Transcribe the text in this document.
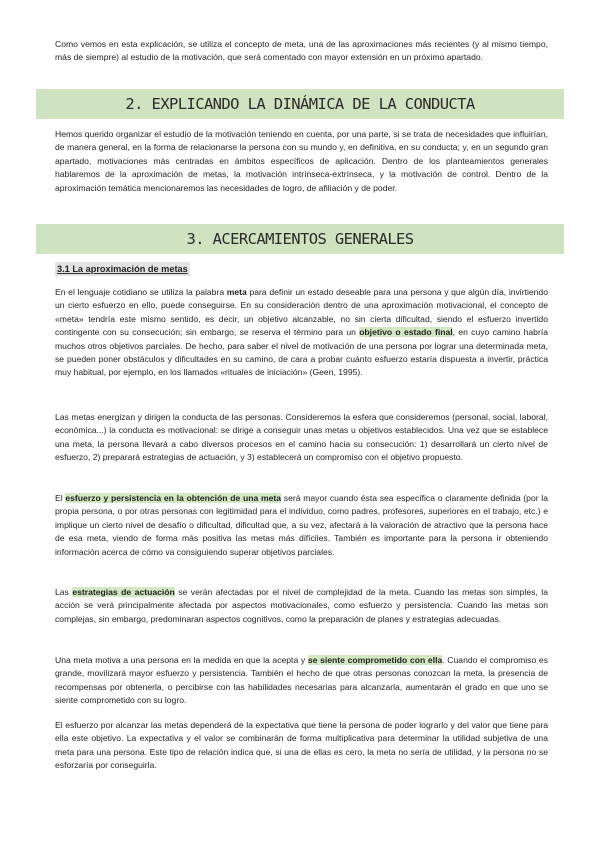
Como vemos en esta explicación, se utiliza el concepto de meta, una de las aproximaciones más recientes (y al mismo tiempo, más de siempre) al estudio de la motivación, que será comentado con mayor extensión en un próximo apartado.

2. EXPLICANDO LA DINÁMICA DE LA CONDUCTA

Hemos querido organizar el estudio de la motivación teniendo en cuenta, por una parte, si se trata de necesidades que influirían, de manera general, en la forma de relacionarse la persona con su mundo y, en definitiva, en su conducta; y, en un segundo gran apartado, motivaciones más centradas en ámbitos específicos de aplicación. Dentro de los planteamientos generales hablaremos de la aproximación de metas, la motivación intrínseca-extrínseca, y la motivación de control. Dentro de la aproximación temática mencionaremos las necesidades de logro, de afiliación y de poder.

3. ACERCAMIENTOS GENERALES

3.1 La aproximación de metas

En el lenguaje cotidiano se utiliza la palabra meta para definir un estado deseable para una persona y que algún día, invirtiendo un cierto esfuerzo en ello, puede conseguirse. En su consideración dentro de una aproximación motivacional, el concepto de «meta» tendría este mismo sentido, es decir, un objetivo alcanzable, no sin cierta dificultad, siendo el esfuerzo invertido contingente con su consecución; sin embargo, se reserva el término para un objetivo o estado final, en cuyo camino habría muchos otros objetivos parciales. De hecho, para saber el nivel de motivación de una persona por lograr una determinada meta, se pueden poner obstáculos y dificultades en su camino, de cara a probar cuánto esfuerzo estaría dispuesta a invertir, práctica muy habitual, por ejemplo, en los llamados «rituales de iniciación» (Geen, 1995).

Las metas energizan y dirigen la conducta de las personas. Consideremos la esfera que consideremos (personal, social, laboral, económica...) la conducta es motivacional: se dirige a conseguir unas metas u objetivos establecidos. Una vez que se establece una meta, la persona llevará a cabo diversos procesos en el camino hacia su consecución: 1) desarrollará un cierto nivel de esfuerzo, 2) preparará estrategias de actuación, y 3) establecerá un compromiso con el objetivo propuesto.

El esfuerzo y persistencia en la obtención de una meta será mayor cuando ésta sea específica o claramente definida (por la propia persona, o por otras personas con legitimidad para el individuo, como padres, profesores, superiores en el trabajo, etc.) e implique un cierto nivel de desafío o dificultad, dificultad que, a su vez, afectará a la valoración de atractivo que la persona hace de esa meta, viendo de forma más positiva las metas más difíciles. También es importante para la persona ir obteniendo información acerca de cómo va consiguiendo superar objetivos parciales.

Las estrategias de actuación se verán afectadas por el nivel de complejidad de la meta. Cuando las metas son simples, la acción se verá principalmente afectada por aspectos motivacionales, como esfuerzo y persistencia. Cuando las metas son complejas, sin embargo, predominaran aspectos cognitivos, como la preparación de planes y estrategias adecuadas.

Una meta motiva a una persona en la medida en que la acepta y se siente comprometido con ella. Cuando el compromiso es grande, movilizará mayor esfuerzo y persistencia. También el hecho de que otras personas conozcan la meta, la presencia de recompensas por obtenerla, o percibirse con las habilidades necesarias para alcanzarla, aumentarán el grado en que uno se siente comprometido con su logro.

El esfuerzo por alcanzar las metas dependerá de la expectativa que tiene la persona de poder lograrlo y del valor que tiene para ella este objetivo. La expectativa y el valor se combinarán de forma multiplicativa para determinar la utilidad subjetiva de una meta para una persona. Este tipo de relación indica que, si una de ellas es cero, la meta no sería de utilidad, y la persona no se esforzaría por conseguirla.
